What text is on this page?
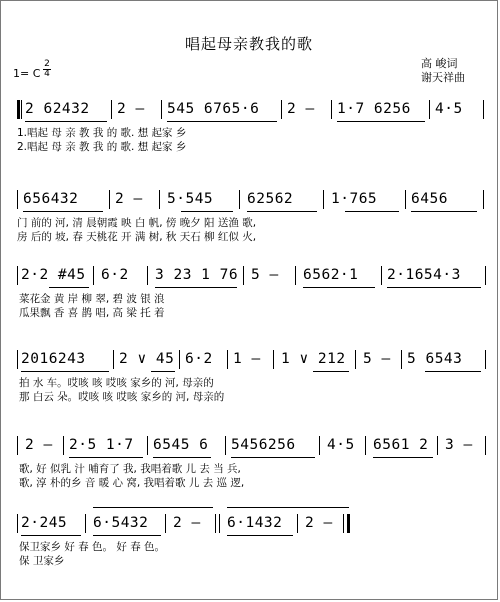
唱起母亲教我的歌
高 峻词
谢天祥曲
1= C
2
4
2 62432 2 – 545 6765·6 2 – 1·7 6256 4·5
1.唱起 母 亲 教 我 的 歌. 想 起家 乡
2.唱起 母 亲 教 我 的 歌. 想 起家 乡
656432	2 – 5·545 62562	1·765 6456
门 前的 河, 清 晨朝霞 映 白 帆, 傍 晚夕 阳 送渔 歌,
房 后的 坡, 春 天桃花 开 满 树, 秋 天石 柳 红似 火,
2·2 #45 6·2 3 23 1 76 5 – 6562·1 2·1654·3
菜花金 黄 岸 柳 翠, 碧 波 银 浪
瓜果飘 香 喜 鹊 唱, 高 梁 托 着
2016243 2 ∨ 45 6·2 1 – 1 ∨ 212 5 – 5 6543
拍 水 车。哎咳 咳 哎咳 家乡的 河, 母亲的
那 白云 朵。哎咳 咳 哎咳 家乡的 河, 母亲的
2 – 2·5 1·7 6545 6 5456256 4·5 6561 2 3 –
歌, 好 似乳 汁 哺育了 我, 我唱着歌 儿 去 当 兵,
歌, 淳 朴的乡 音 暖 心 窝, 我唱着歌 儿 去 巡 逻,
2·245 6·5432 2 – 6·1432 2 –
保卫家乡 好 春 色。 好 春 色。
保 卫家乡
